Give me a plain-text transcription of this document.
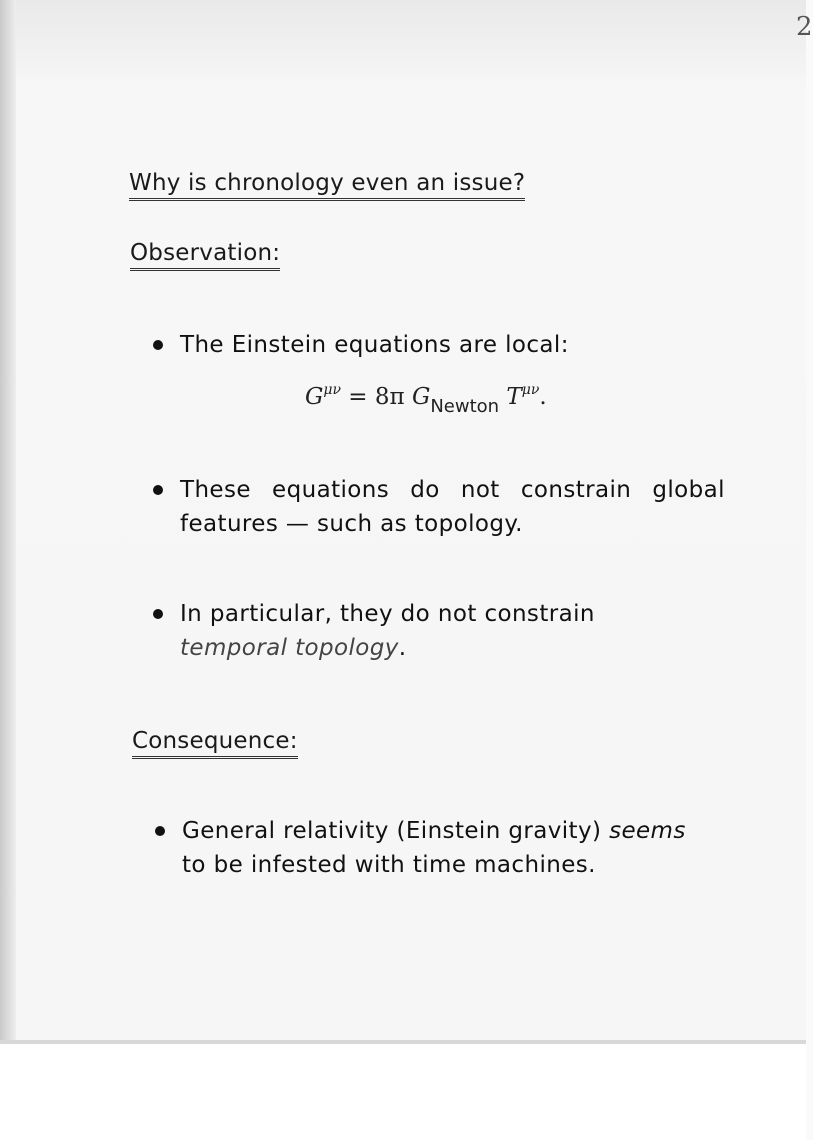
2
Why is chronology even an issue?
Observation:
The Einstein equations are local:
$G^{\mu\nu} = 8\pi$ $G_{Newton}$ $T^{\mu\nu}$.
These equations do not constrain global
features — such as topology.
In particular, they do not constrain
temporal topology.
Consequence:
General relativity (Einstein gravity) seems
to be infested with time machines.
